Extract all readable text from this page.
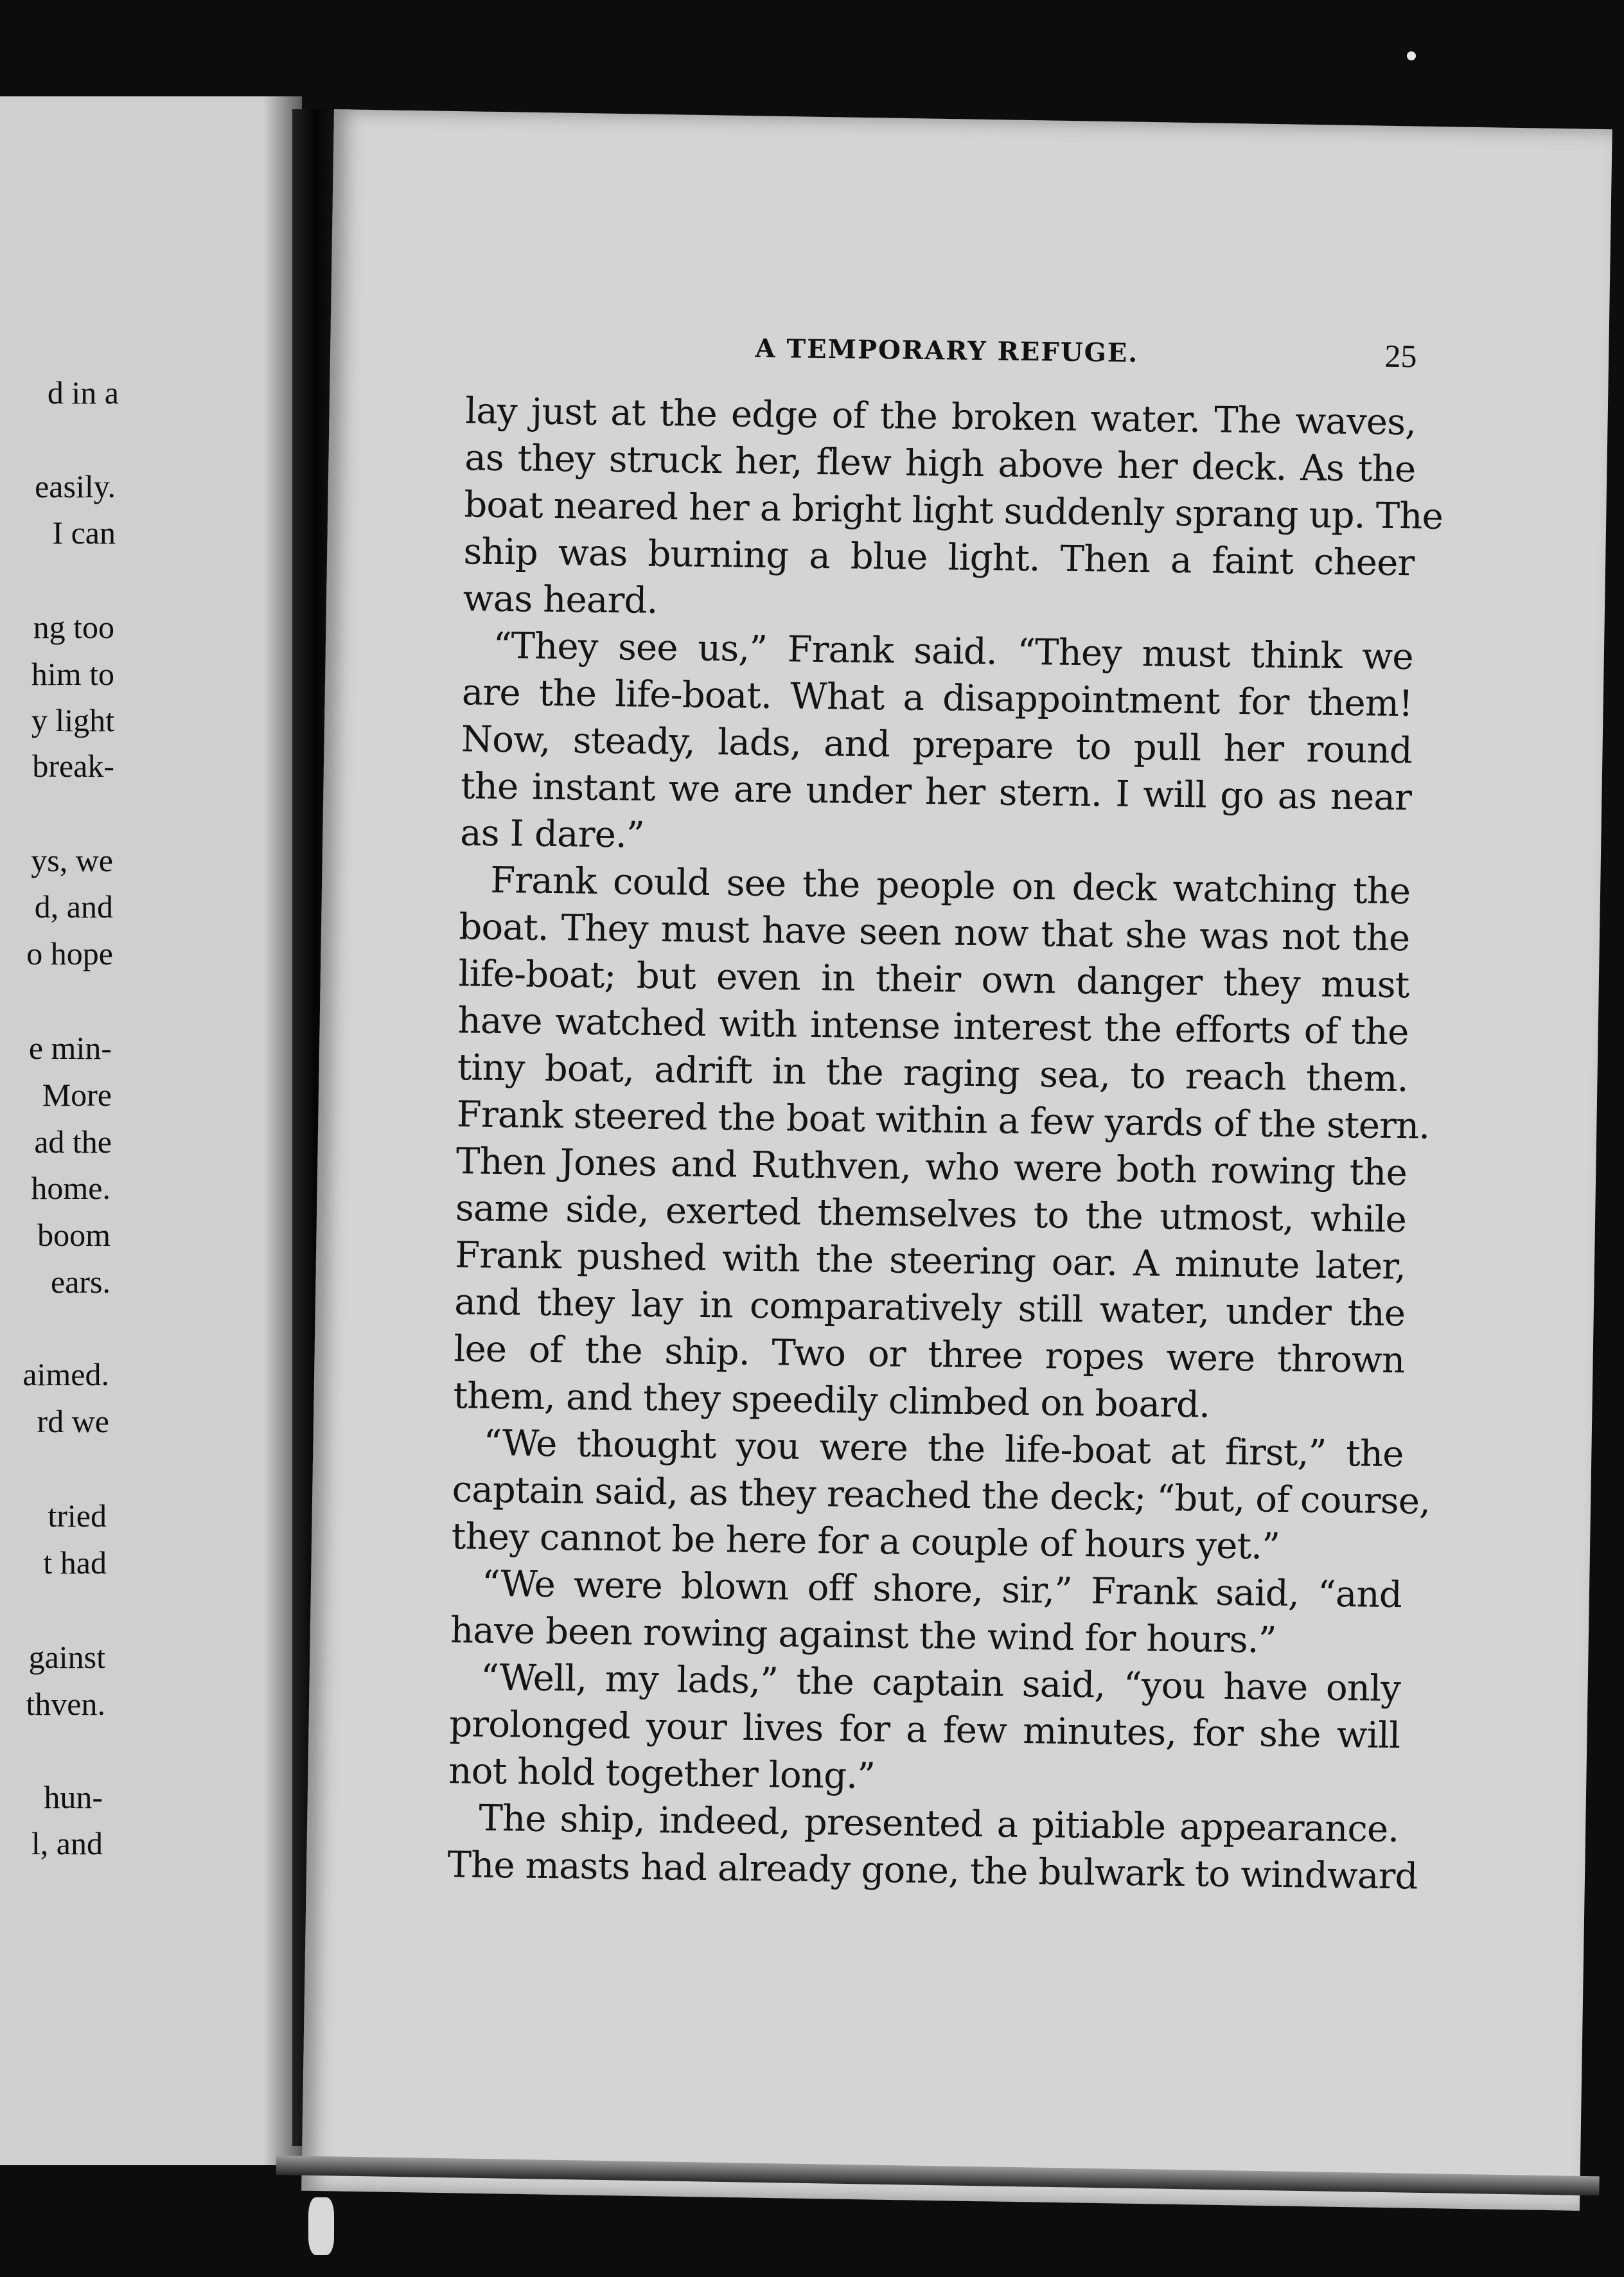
d in a
easily.
I can
ng too
him to
y light
break-
ys, we
d, and
o hope
e min-
More
ad the
home.
boom
ears.
aimed.
rd we
tried
t had
gainst
thven.
hun-
l, and
A TEMPORARY REFUGE.	25
lay just at the edge of the broken water. The waves,
as they struck her, flew high above her deck. As the
boat neared her a bright light suddenly sprang up. The
ship was burning a blue light. Then a faint cheer
was heard.
“They see us,” Frank said. “They must think we
are the life-boat. What a disappointment for them!
Now, steady, lads, and prepare to pull her round
the instant we are under her stern. I will go as near
as I dare.”
Frank could see the people on deck watching the
boat. They must have seen now that she was not the
life-boat; but even in their own danger they must
have watched with intense interest the efforts of the
tiny boat, adrift in the raging sea, to reach them.
Frank steered the boat within a few yards of the stern.
Then Jones and Ruthven, who were both rowing the
same side, exerted themselves to the utmost, while
Frank pushed with the steering oar. A minute later,
and they lay in comparatively still water, under the
lee of the ship. Two or three ropes were thrown
them, and they speedily climbed on board.
“We thought you were the life-boat at first,” the
captain said, as they reached the deck; “but, of course,
they cannot be here for a couple of hours yet.”
“We were blown off shore, sir,” Frank said, “and
have been rowing against the wind for hours.”
“Well, my lads,” the captain said, “you have only
prolonged your lives for a few minutes, for she will
not hold together long.”
The ship, indeed, presented a pitiable appearance.
The masts had already gone, the bulwark to windward
